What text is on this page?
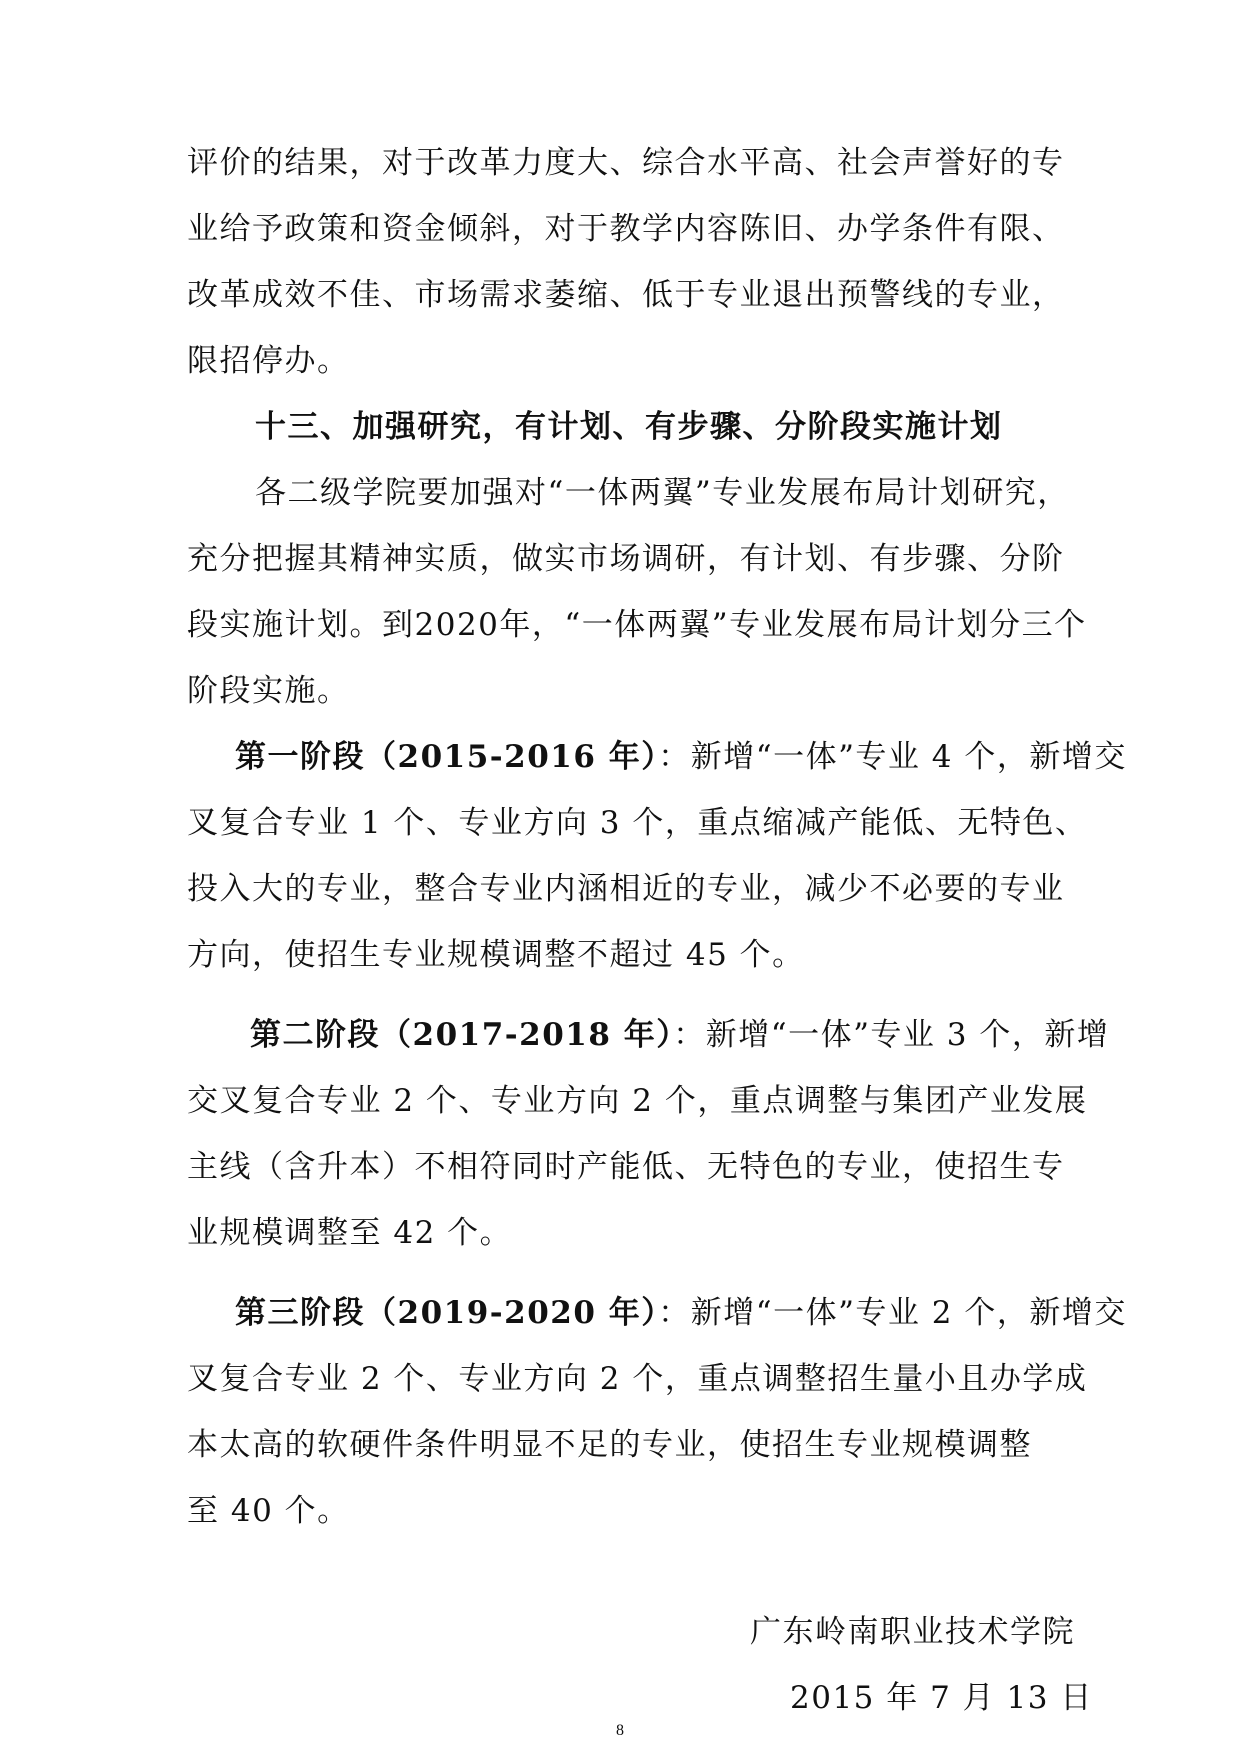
评价的结果，对于改革力度大、综合水平高、社会声誉好的专
业给予政策和资金倾斜，对于教学内容陈旧、办学条件有限、
改革成效不佳、市场需求萎缩、低于专业退出预警线的专业，
限招停办。
十三、加强研究，有计划、有步骤、分阶段实施计划
各二级学院要加强对“一体两翼”专业发展布局计划研究，
充分把握其精神实质，做实市场调研，有计划、有步骤、分阶
段实施计划。到2020年，“一体两翼”专业发展布局计划分三个
阶段实施。
第一阶段（2015-2016 年）：新增“一体”专业 4 个，新增交
叉复合专业 1 个、专业方向 3 个，重点缩减产能低、无特色、
投入大的专业，整合专业内涵相近的专业，减少不必要的专业
方向，使招生专业规模调整不超过 45 个。
第二阶段（2017-2018 年）：新增“一体”专业 3 个，新增
交叉复合专业 2 个、专业方向 2 个，重点调整与集团产业发展
主线（含升本）不相符同时产能低、无特色的专业，使招生专
业规模调整至 42 个。
第三阶段（2019-2020 年）：新增“一体”专业 2 个，新增交
叉复合专业 2 个、专业方向 2 个，重点调整招生量小且办学成
本太高的软硬件条件明显不足的专业，使招生专业规模调整
至 40 个。
广东岭南职业技术学院
2015 年 7 月 13 日
8
